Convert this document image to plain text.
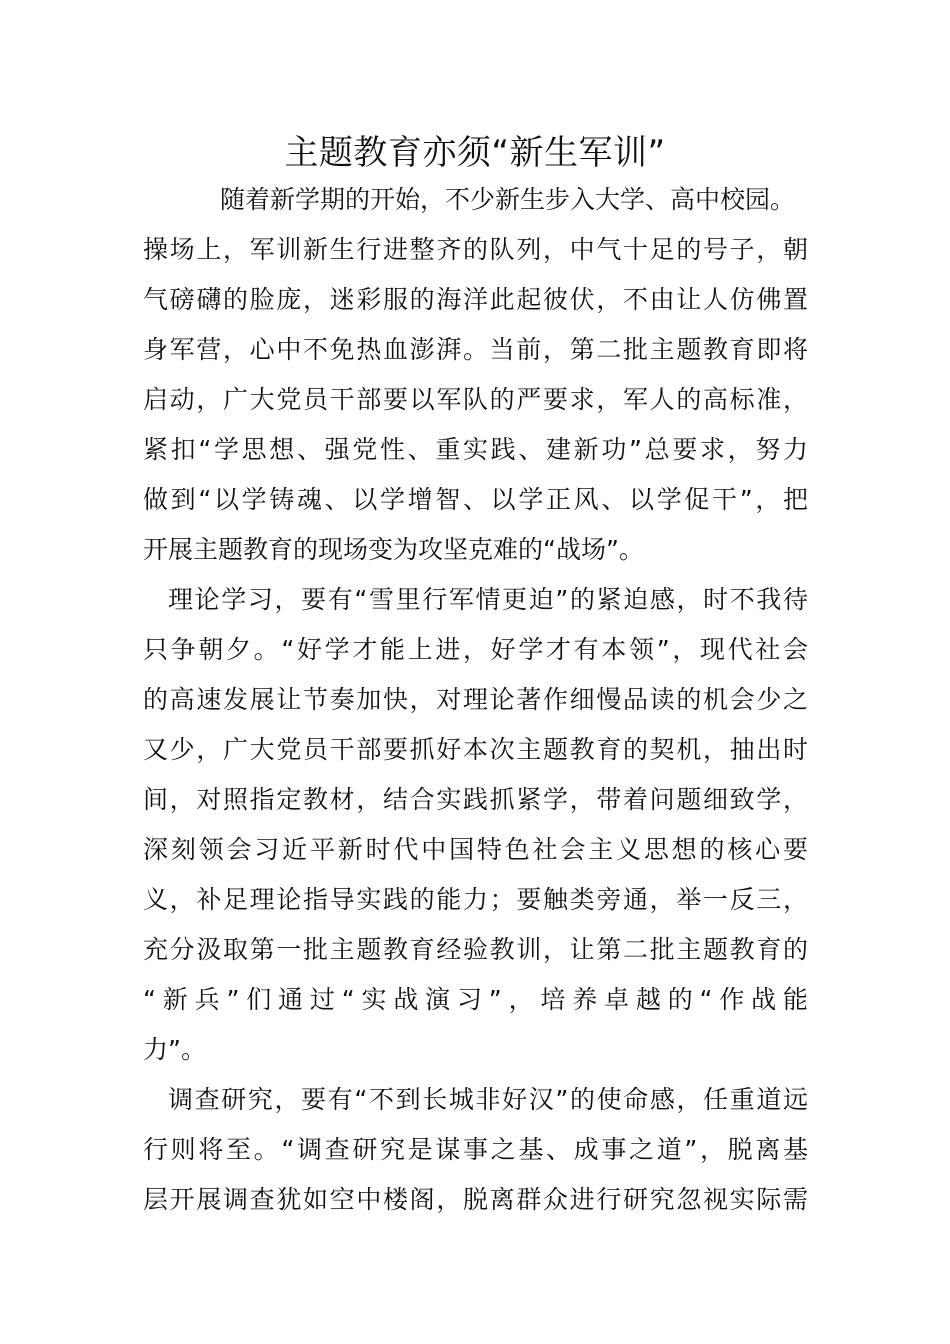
主题教育亦须“新生军训”
随着新学期的开始，不少新生步入大学、高中校园。
操场上，军训新生行进整齐的队列，中气十足的号子，朝
气磅礴的脸庞，迷彩服的海洋此起彼伏，不由让人仿佛置
身军营，心中不免热血澎湃。当前，第二批主题教育即将
启动，广大党员干部要以军队的严要求，军人的高标准，
紧扣“学思想、强党性、重实践、建新功”总要求，努力
做到“以学铸魂、以学增智、以学正风、以学促干”，把
开展主题教育的现场变为攻坚克难的“战场”。
理论学习，要有“雪里行军情更迫”的紧迫感，时不我待
只争朝夕。“好学才能上进，好学才有本领”，现代社会
的高速发展让节奏加快，对理论著作细慢品读的机会少之
又少，广大党员干部要抓好本次主题教育的契机，抽出时
间，对照指定教材，结合实践抓紧学，带着问题细致学，
深刻领会习近平新时代中国特色社会主义思想的核心要
义，补足理论指导实践的能力；要触类旁通，举一反三，
充分汲取第一批主题教育经验教训，让第二批主题教育的
“新兵”们通过“实战演习”，培养卓越的“作战能
力”。
调查研究，要有“不到长城非好汉”的使命感，任重道远
行则将至。“调查研究是谋事之基、成事之道”，脱离基
层开展调查犹如空中楼阁，脱离群众进行研究忽视实际需
